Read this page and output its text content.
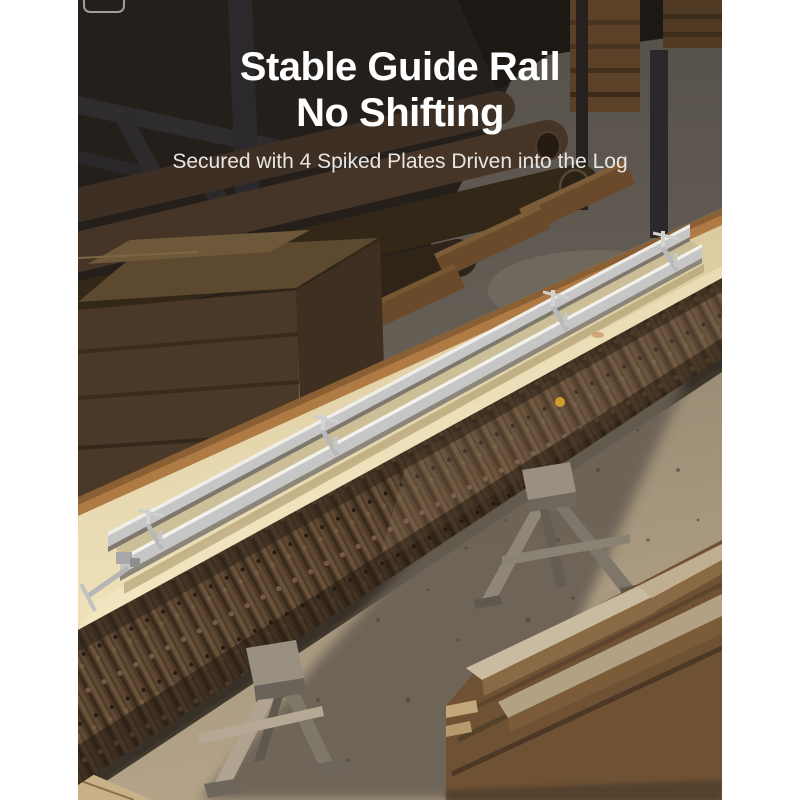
Stable Guide Rail
No Shifting
Secured with 4 Spiked Plates Driven into the Log
